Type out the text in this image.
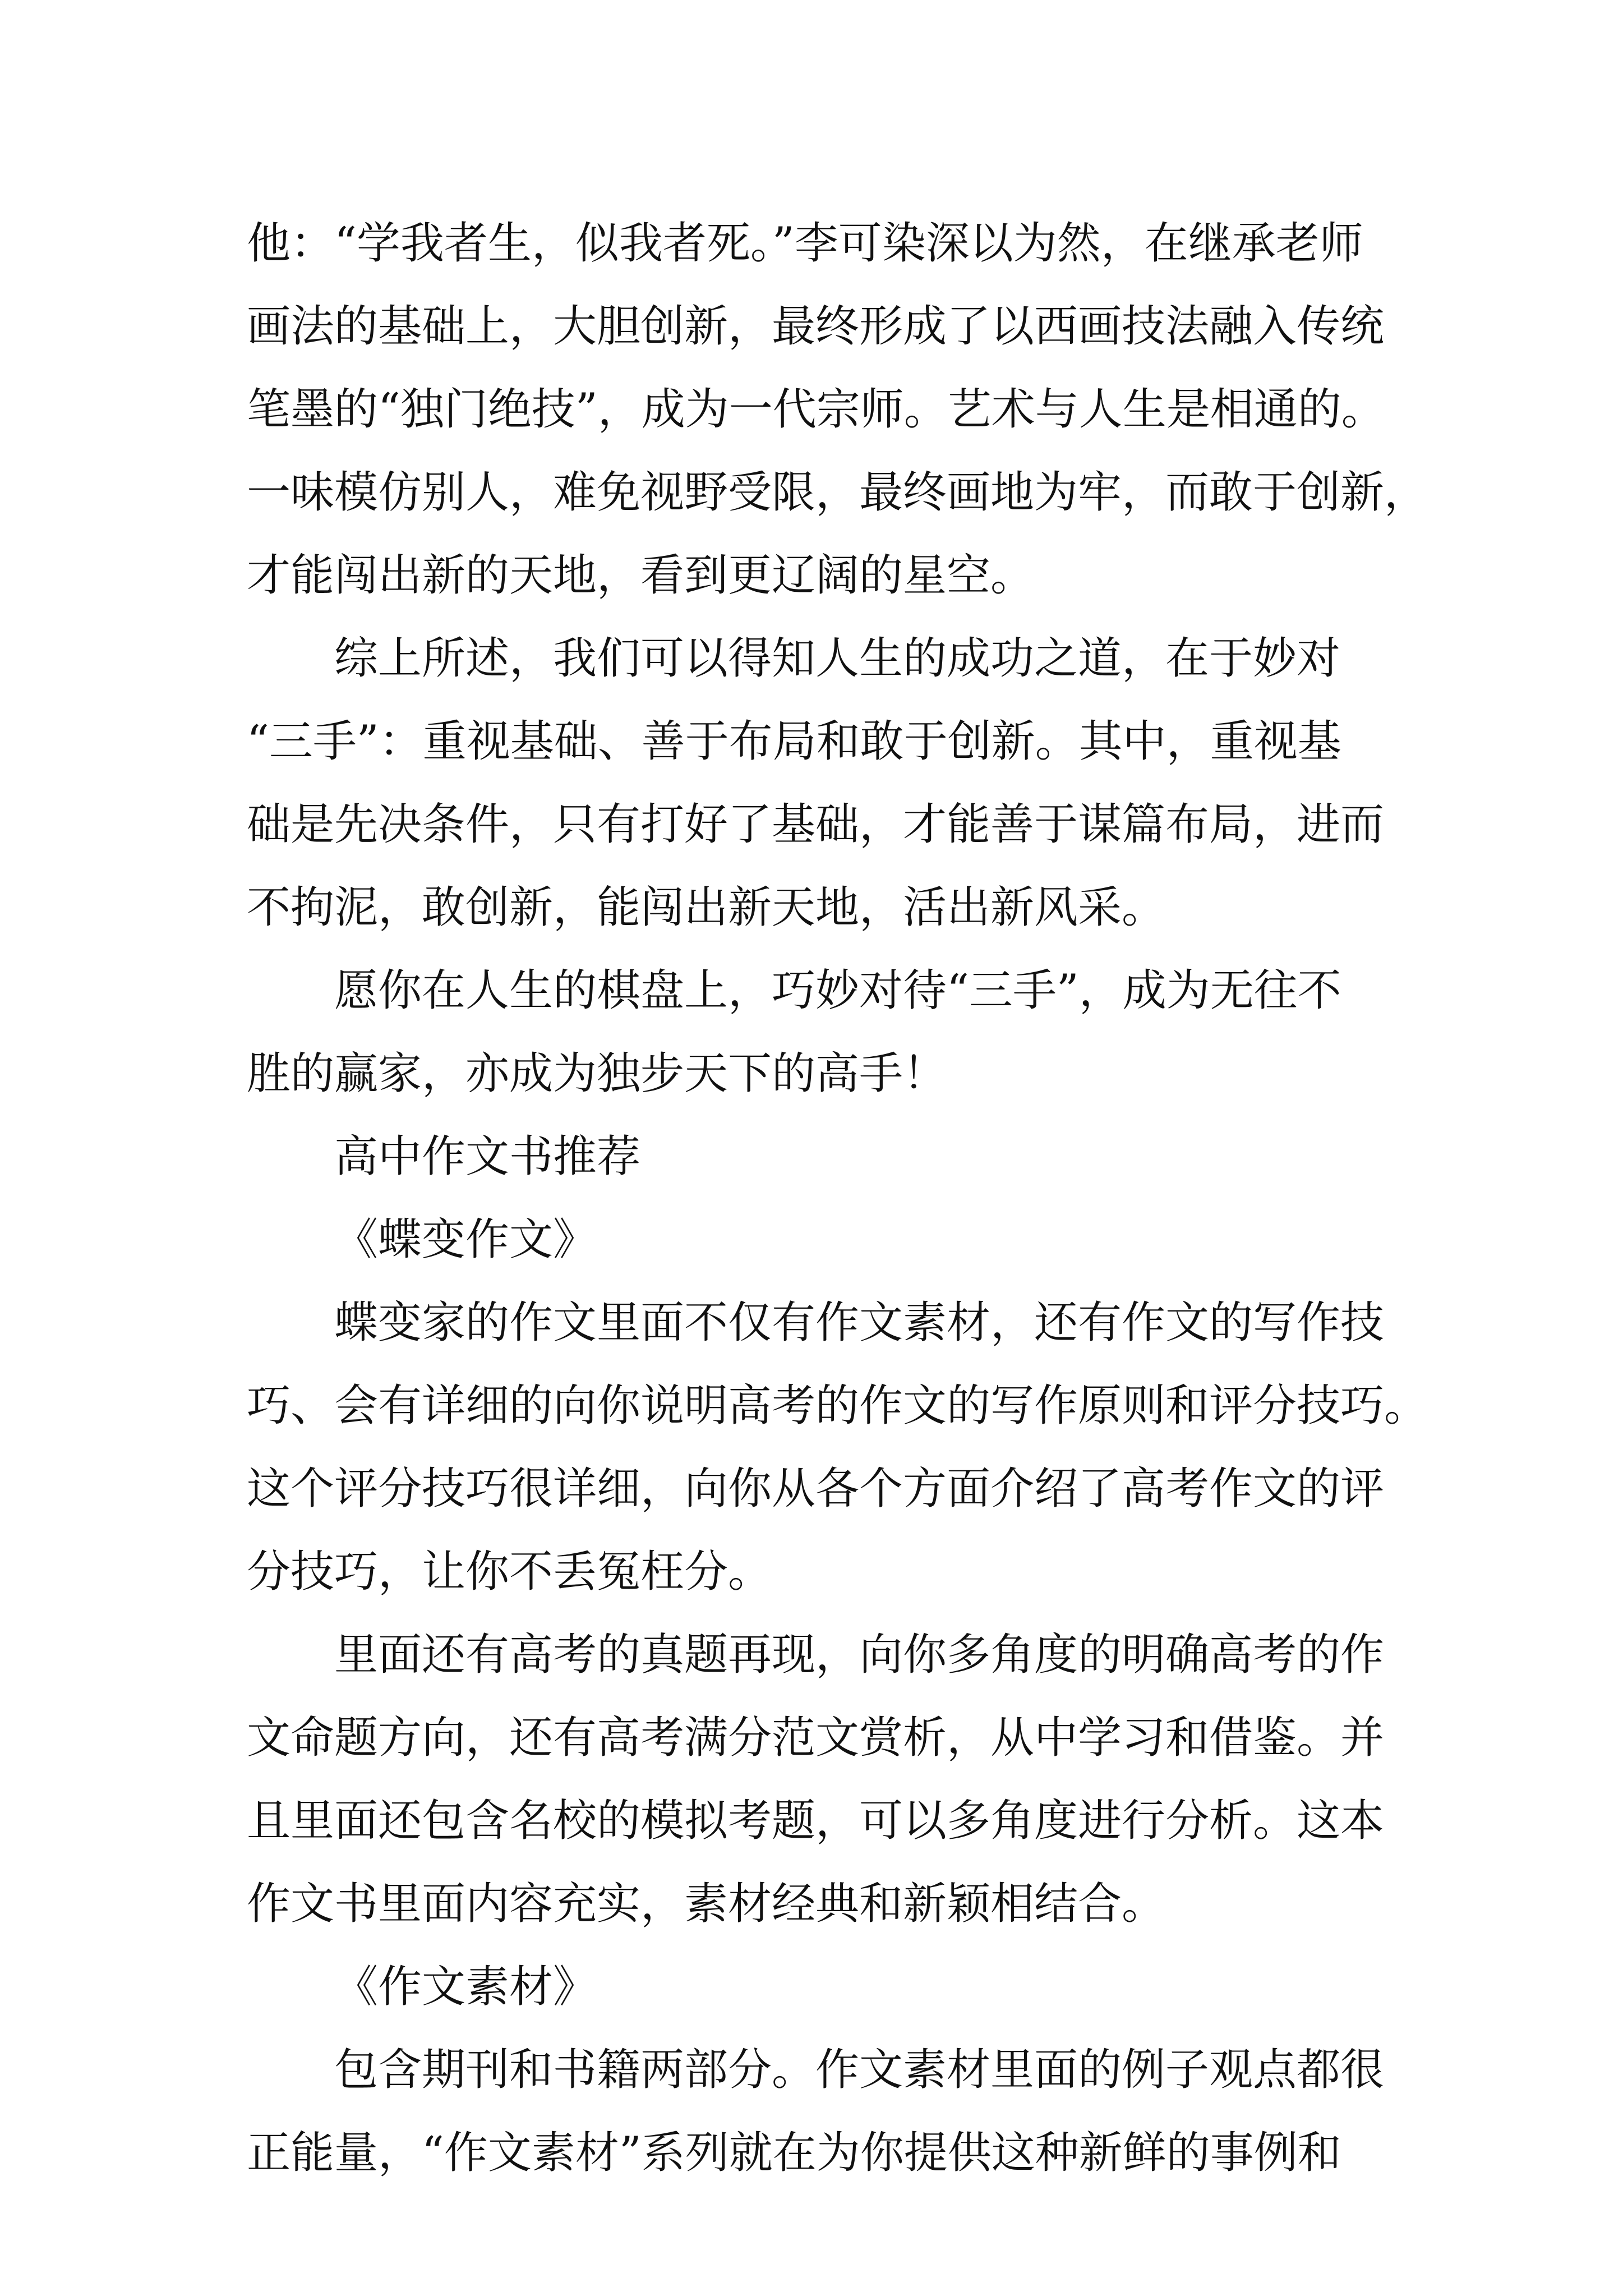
他：“学我者生，似我者死。”李可染深以为然，在继承老师
画法的基础上，大胆创新，最终形成了以西画技法融入传统
笔墨的“独门绝技”，成为一代宗师。艺术与人生是相通的。
一味模仿别人，难免视野受限，最终画地为牢，而敢于创新，
才能闯出新的天地，看到更辽阔的星空。
综上所述，我们可以得知人生的成功之道，在于妙对
“三手”：重视基础、善于布局和敢于创新。其中，重视基
础是先决条件，只有打好了基础，才能善于谋篇布局，进而
不拘泥，敢创新，能闯出新天地，活出新风采。
愿你在人生的棋盘上，巧妙对待“三手”，成为无往不
胜的赢家，亦成为独步天下的高手！
高中作文书推荐
《蝶变作文》
蝶变家的作文里面不仅有作文素材，还有作文的写作技
巧、会有详细的向你说明高考的作文的写作原则和评分技巧。
这个评分技巧很详细，向你从各个方面介绍了高考作文的评
分技巧，让你不丢冤枉分。
里面还有高考的真题再现，向你多角度的明确高考的作
文命题方向，还有高考满分范文赏析，从中学习和借鉴。并
且里面还包含名校的模拟考题，可以多角度进行分析。这本
作文书里面内容充实，素材经典和新颖相结合。
《作文素材》
包含期刊和书籍两部分。作文素材里面的例子观点都很
正能量，“作文素材”系列就在为你提供这种新鲜的事例和
